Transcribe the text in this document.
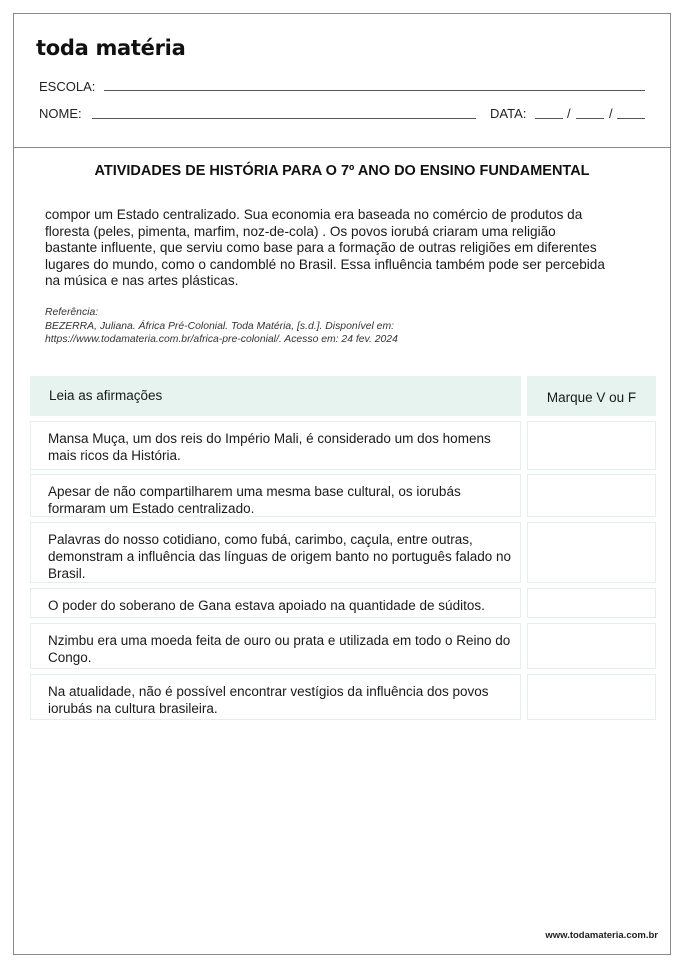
toda matéria
ESCOLA:
NOME:	DATA:	/	/
ATIVIDADES DE HISTÓRIA PARA O 7º ANO DO ENSINO FUNDAMENTAL
compor um Estado centralizado. Sua economia era baseada no comércio de produtos da
floresta (peles, pimenta, marfim, noz-de-cola) . Os povos iorubá criaram uma religião
bastante influente, que serviu como base para a formação de outras religiões em diferentes
lugares do mundo, como o candomblé no Brasil. Essa influência também pode ser percebida
na música e nas artes plásticas.
Referência:
BEZERRA, Juliana. África Pré-Colonial. Toda Matéria, [s.d.]. Disponível em:
https://www.todamateria.com.br/africa-pre-colonial/. Acesso em: 24 fev. 2024
Leia as afirmações	Marque V ou F
Mansa Muça, um dos reis do Império Mali, é considerado um dos homens mais ricos da História.
Apesar de não compartilharem uma mesma base cultural, os iorubás formaram um Estado centralizado.
Palavras do nosso cotidiano, como fubá, carimbo, caçula, entre outras, demonstram a influência das línguas de origem banto no português falado no Brasil.
O poder do soberano de Gana estava apoiado na quantidade de súditos.
Nzimbu era uma moeda feita de ouro ou prata e utilizada em todo o Reino do Congo.
Na atualidade, não é possível encontrar vestígios da influência dos povos iorubás na cultura brasileira.
www.todamateria.com.br
